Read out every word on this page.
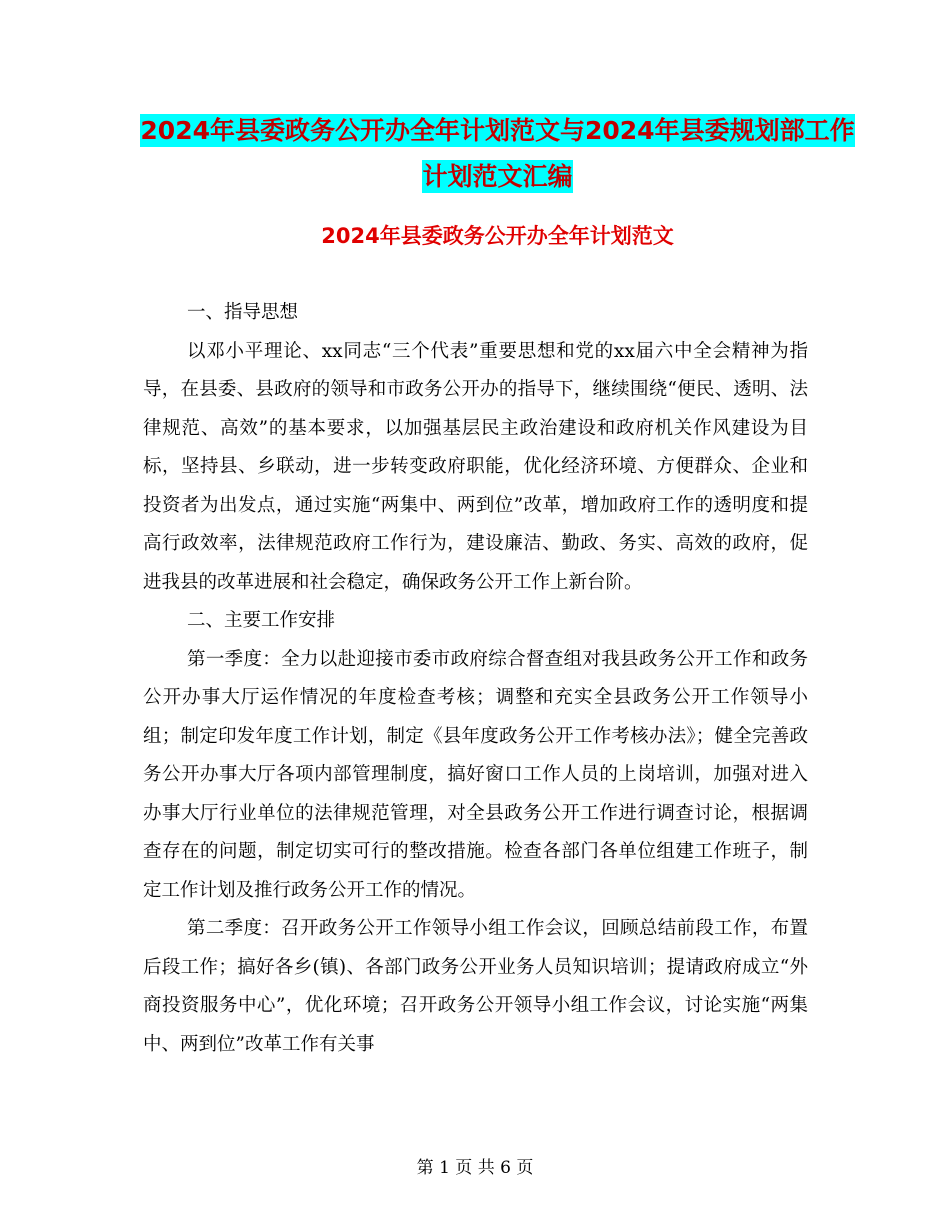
2024年县委政务公开办全年计划范文与2024年县委规划部工作计划范文汇编
2024年县委政务公开办全年计划范文

一、指导思想

以邓小平理论、xx同志“三个代表”重要思想和党的xx届六中全会精神为指导，在县委、县政府的领导和市政务公开办的指导下，继续围绕“便民、透明、法律规范、高效”的基本要求，以加强基层民主政治建设和政府机关作风建设为目标，坚持县、乡联动，进一步转变政府职能，优化经济环境、方便群众、企业和投资者为出发点，通过实施“两集中、两到位”改革，增加政府工作的透明度和提高行政效率，法律规范政府工作行为，建设廉洁、勤政、务实、高效的政府，促进我县的改革进展和社会稳定，确保政务公开工作上新台阶。

二、主要工作安排

第一季度：全力以赴迎接市委市政府综合督查组对我县政务公开工作和政务公开办事大厅运作情况的年度检查考核；调整和充实全县政务公开工作领导小组；制定印发年度工作计划，制定《县年度政务公开工作考核办法》；健全完善政务公开办事大厅各项内部管理制度，搞好窗口工作人员的上岗培训，加强对进入办事大厅行业单位的法律规范管理，对全县政务公开工作进行调查讨论，根据调查存在的问题，制定切实可行的整改措施。检查各部门各单位组建工作班子，制定工作计划及推行政务公开工作的情况。

第二季度：召开政务公开工作领导小组工作会议，回顾总结前段工作，布置后段工作；搞好各乡(镇)、各部门政务公开业务人员知识培训；提请政府成立“外商投资服务中心”，优化环境；召开政务公开领导小组工作会议，讨论实施“两集中、两到位”改革工作有关事

第 1 页 共 6 页
